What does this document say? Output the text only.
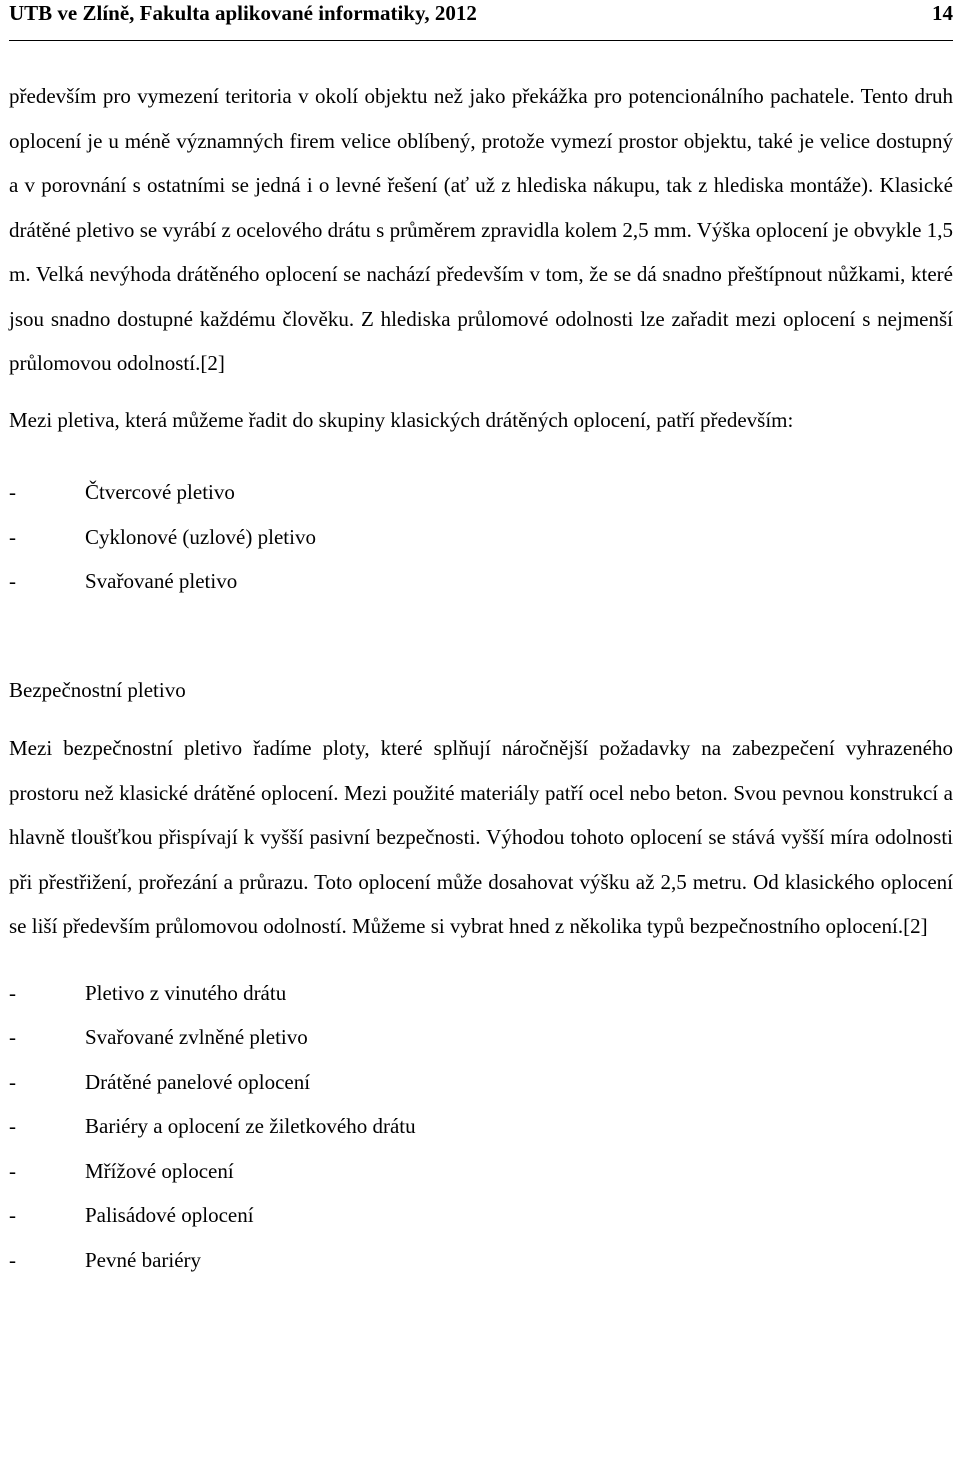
UTB ve Zlíně, Fakulta aplikované informatiky, 2012	14

především pro vymezení teritoria v okolí objektu než jako překážka pro potencionálního pachatele. Tento druh oplocení je u méně významných firem velice oblíbený, protože vymezí prostor objektu, také je velice dostupný a v porovnání s ostatními se jedná i o levné řešení (ať už z hlediska nákupu, tak z hlediska montáže). Klasické drátěné pletivo se vyrábí z ocelového drátu s průměrem zpravidla kolem 2,5 mm. Výška oplocení je obvykle 1,5 m. Velká nevýhoda drátěného oplocení se nachází především v tom, že se dá snadno přeštípnout nůžkami, které jsou snadno dostupné každému člověku. Z hlediska průlomové odolnosti lze zařadit mezi oplocení s nejmenší průlomovou odolností.[2]

Mezi pletiva, která můžeme řadit do skupiny klasických drátěných oplocení, patří především:

-	Čtvercové pletivo
-	Cyklonové (uzlové) pletivo
-	Svařované pletivo
Bezpečnostní pletivo

Mezi bezpečnostní pletivo řadíme ploty, které splňují náročnější požadavky na zabezpečení vyhrazeného prostoru než klasické drátěné oplocení. Mezi použité materiály patří ocel nebo beton. Svou pevnou konstrukcí a hlavně tloušťkou přispívají k vyšší pasivní bezpečnosti. Výhodou tohoto oplocení se stává vyšší míra odolnosti při přestřižení, prořezání a průrazu. Toto oplocení může dosahovat výšku až 2,5 metru. Od klasického oplocení se liší především průlomovou odolností. Můžeme si vybrat hned z několika typů bezpečnostního oplocení.[2]

-	Pletivo z vinutého drátu
-	Svařované zvlněné pletivo
-	Drátěné panelové oplocení
-	Bariéry a oplocení ze žiletkového drátu
-	Mřížové oplocení
-	Palisádové oplocení
-	Pevné bariéry
